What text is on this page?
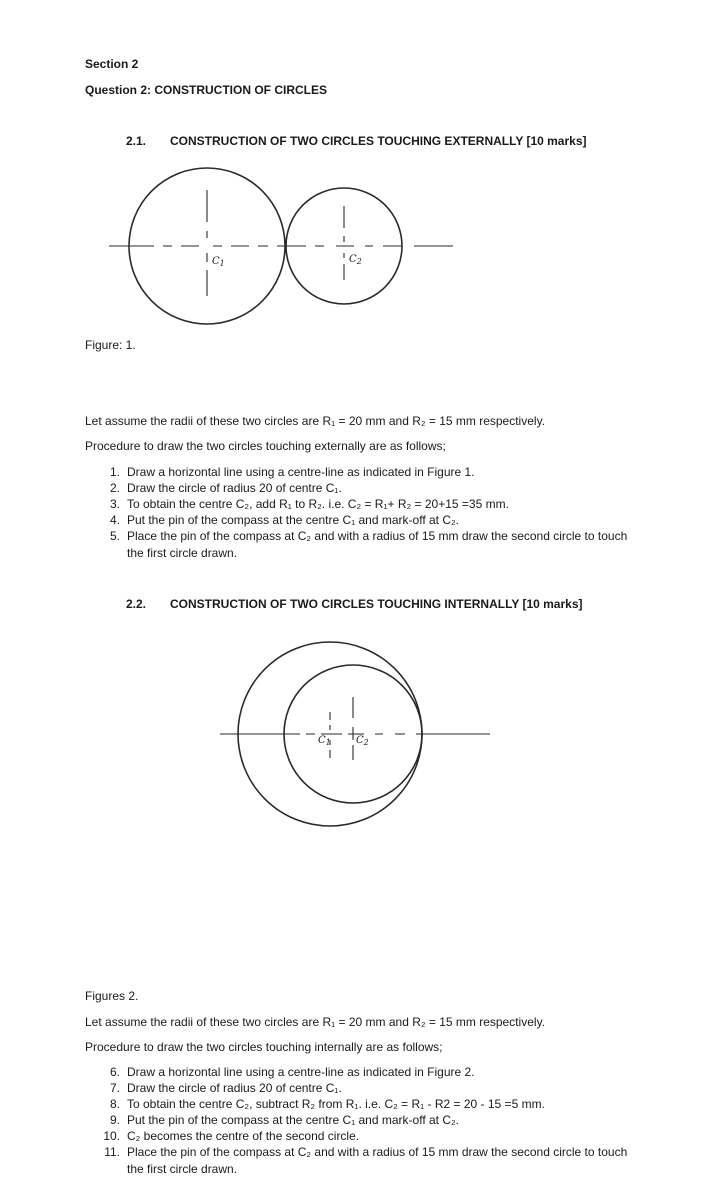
Section 2
Question 2: CONSTRUCTION OF CIRCLES
2.1. CONSTRUCTION OF TWO CIRCLES TOUCHING EXTERNALLY [10 marks]
$C_1$	$C_2$
Figure: 1.
Let assume the radii of these two circles are R₁ = 20 mm and R₂ = 15 mm respectively.
Procedure to draw the two circles touching externally are as follows;
1. Draw a horizontal line using a centre-line as indicated in Figure 1.
2. Draw the circle of radius 20 of centre C₁.
3. To obtain the centre C₂, add R₁ to R₂. i.e. C₂ = R₁+ R₂ = 20+15 =35 mm.
4. Put the pin of the compass at the centre C₁ and mark-off at C₂.
5. Place the pin of the compass at C₂ and with a radius of 15 mm draw the second circle to touch the first circle drawn.
2.2. CONSTRUCTION OF TWO CIRCLES TOUCHING INTERNALLY [10 marks]
$C_1$	$C_2$
Figures 2.
Let assume the radii of these two circles are R₁ = 20 mm and R₂ = 15 mm respectively.
Procedure to draw the two circles touching internally are as follows;
6. Draw a horizontal line using a centre-line as indicated in Figure 2.
7. Draw the circle of radius 20 of centre C₁.
8. To obtain the centre C₂, subtract R₂ from R₁. i.e. C₂ = R₁ - R2 = 20 - 15 =5 mm.
9. Put the pin of the compass at the centre C₁ and mark-off at C₂.
10. C₂ becomes the centre of the second circle.
11. Place the pin of the compass at C₂ and with a radius of 15 mm draw the second circle to touch the first circle drawn.
